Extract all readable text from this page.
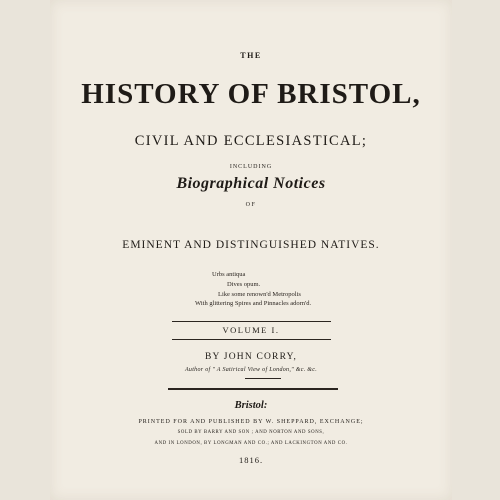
THE

HISTORY OF BRISTOL,

CIVIL AND ECCLESIASTICAL;

INCLUDING

Biographical Notices

OF

EMINENT AND DISTINGUISHED NATIVES.

Urbs antiqua
Dives opum.
Like some renown'd Metropolis
With glittering Spires and Pinnacles adorn'd.

VOLUME I.

BY JOHN CORRY,

Author of " A Satirical View of London," &c. &c.

Bristol:

PRINTED FOR AND PUBLISHED BY W. SHEPPARD, EXCHANGE;

SOLD BY BARRY AND SON ; AND NORTON AND SONS,

AND IN LONDON, BY LONGMAN AND CO.; AND LACKINGTON AND CO.

1816.
